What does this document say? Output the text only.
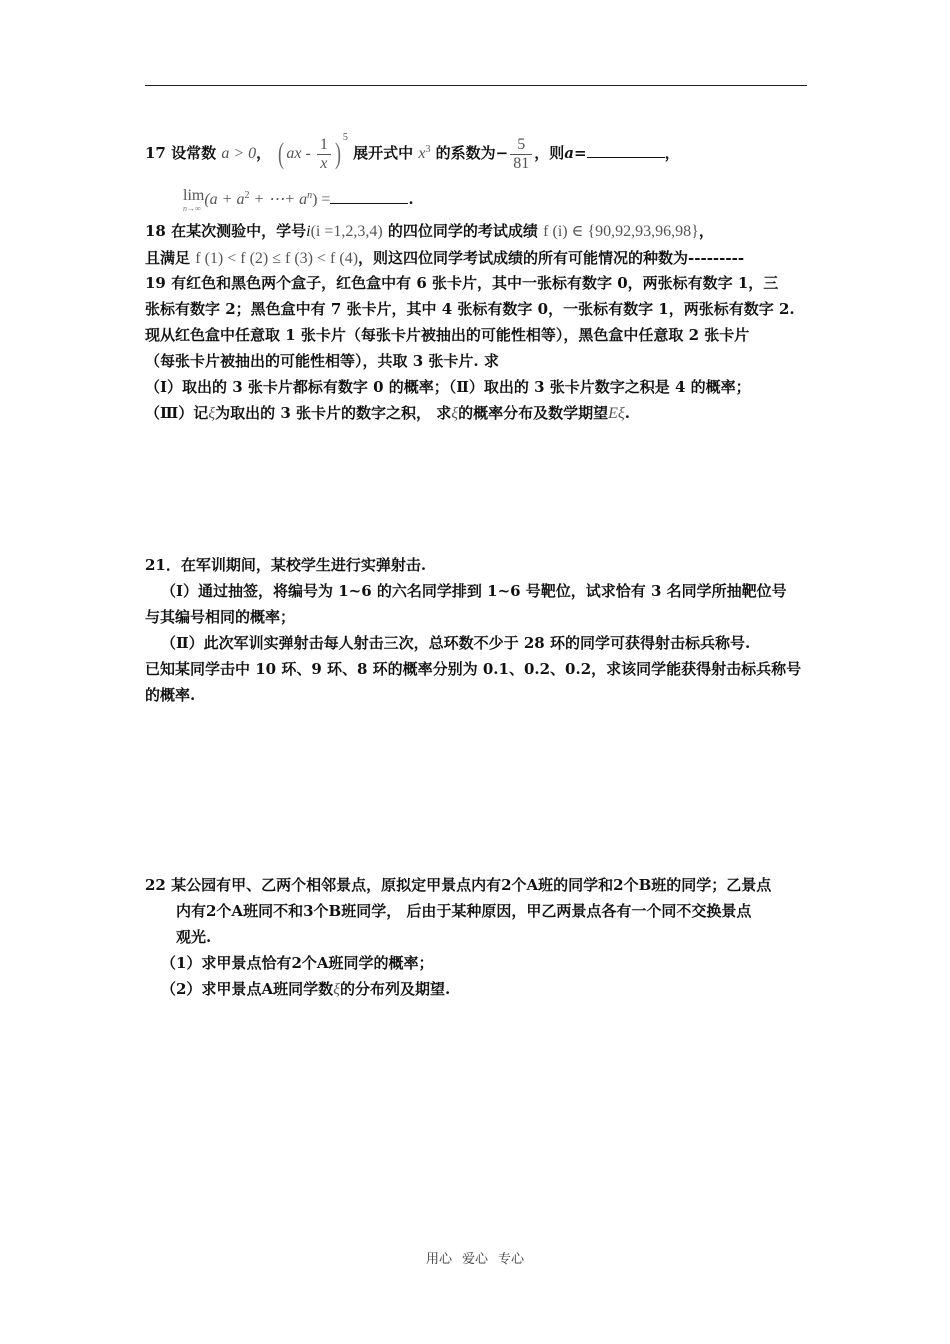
17 设常数 a > 0， ( ax - $\frac{1}{x}$ ) $^5$ 展开式中 $x^3$ 的系数为− $\frac{5}{81}$ ，则a=	，
lim
n→∞ ($a + a^2$ + ⋯+ $a^n$) =	.
18 在某次测验中，学号i(i =1,2,3,4) 的四位同学的考试成绩 f (i) ∈ {90,92,93,96,98}，
且满足 f (1) < f (2) ≤ f (3) < f (4)，则这四位同学考试成绩的所有可能情况的种数为---------
19 有红色和黑色两个盒子，红色盒中有 6 张卡片，其中一张标有数字 0，两张标有数字 1，三
张标有数字 2；黑色盒中有 7 张卡片，其中 4 张标有数字 0，一张标有数字 1，两张标有数字 2.
现从红色盒中任意取 1 张卡片（每张卡片被抽出的可能性相等），黑色盒中任意取 2 张卡片
（每张卡片被抽出的可能性相等），共取 3 张卡片. 求
（Ⅰ）取出的 3 张卡片都标有数字 0 的概率；（Ⅱ）取出的 3 张卡片数字之积是 4 的概率；
（Ⅲ）记ξ为取出的 3 张卡片的数字之积， 求ξ的概率分布及数学期望Eξ.
21．在军训期间，某校学生进行实弹射击.
（Ⅰ）通过抽签，将编号为 1~6 的六名同学排到 1~6 号靶位，试求恰有 3 名同学所抽靶位号
与其编号相同的概率；
（Ⅱ）此次军训实弹射击每人射击三次，总环数不少于 28 环的同学可获得射击标兵称号.
已知某同学击中 10 环、9 环、8 环的概率分别为 0.1、0.2、0.2，求该同学能获得射击标兵称号
的概率.
22 某公园有甲、乙两个相邻景点，原拟定甲景点内有2个A班的同学和2个B班的同学；乙景点
内有2个A班同不和3个B班同学， 后由于某种原因，甲乙两景点各有一个同不交换景点
观光.
（1）求甲景点恰有2个A班同学的概率；
（2）求甲景点A班同学数ξ的分布列及期望.
用心 爱心 专心
